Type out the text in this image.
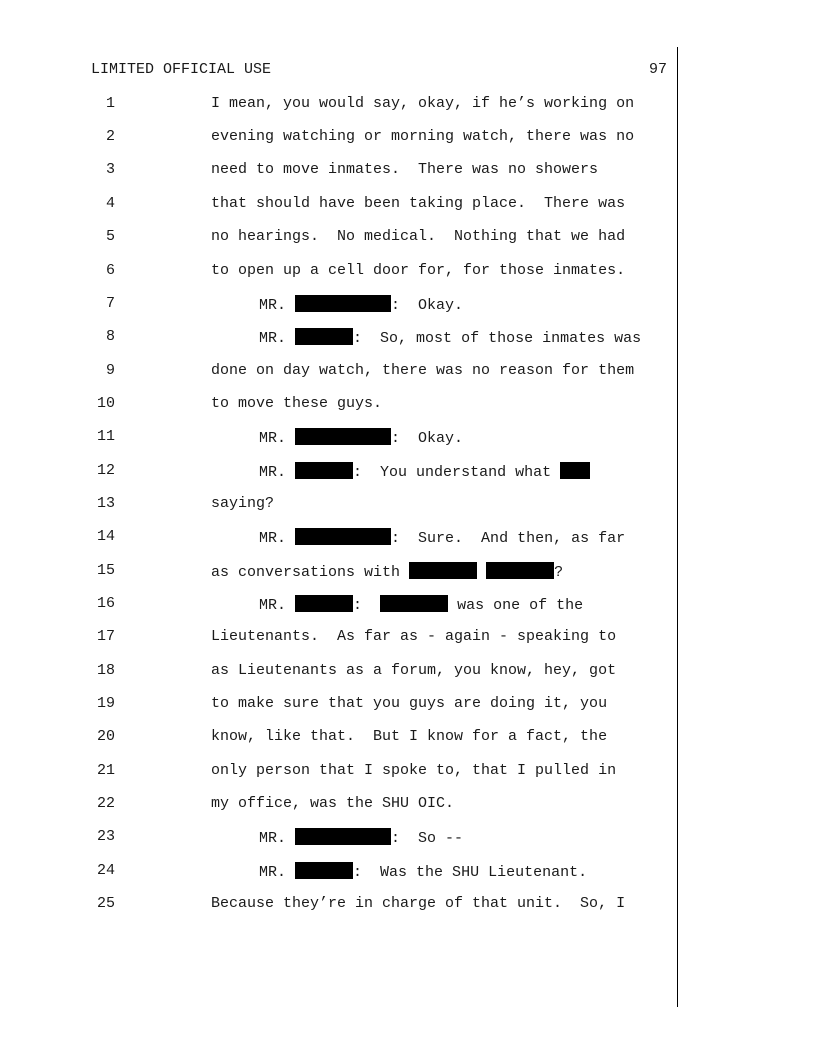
LIMITED OFFICIAL USE	97
1	I mean, you would say, okay, if he’s working on
2	evening watching or morning watch, there was no
3	need to move inmates.  There was no showers
4	that should have been taking place.  There was
5	no hearings.  No medical.  Nothing that we had
6	to open up a cell door for, for those inmates.
7	MR.	:  Okay.
8	MR.	:  So, most of those inmates was
9	done on day watch, there was no reason for them
10	to move these guys.
11	MR.	:  Okay.
12	MR.	:  You understand what
13	saying?
14	MR.	:  Sure.  And then, as far
15	as conversations with	?
16	MR.	:	was one of the
17	Lieutenants.  As far as - again - speaking to
18	as Lieutenants as a forum, you know, hey, got
19	to make sure that you guys are doing it, you
20	know, like that.  But I know for a fact, the
21	only person that I spoke to, that I pulled in
22	my office, was the SHU OIC.
23	MR.	:  So --
24	MR.	:  Was the SHU Lieutenant.
25	Because they’re in charge of that unit.  So, I
